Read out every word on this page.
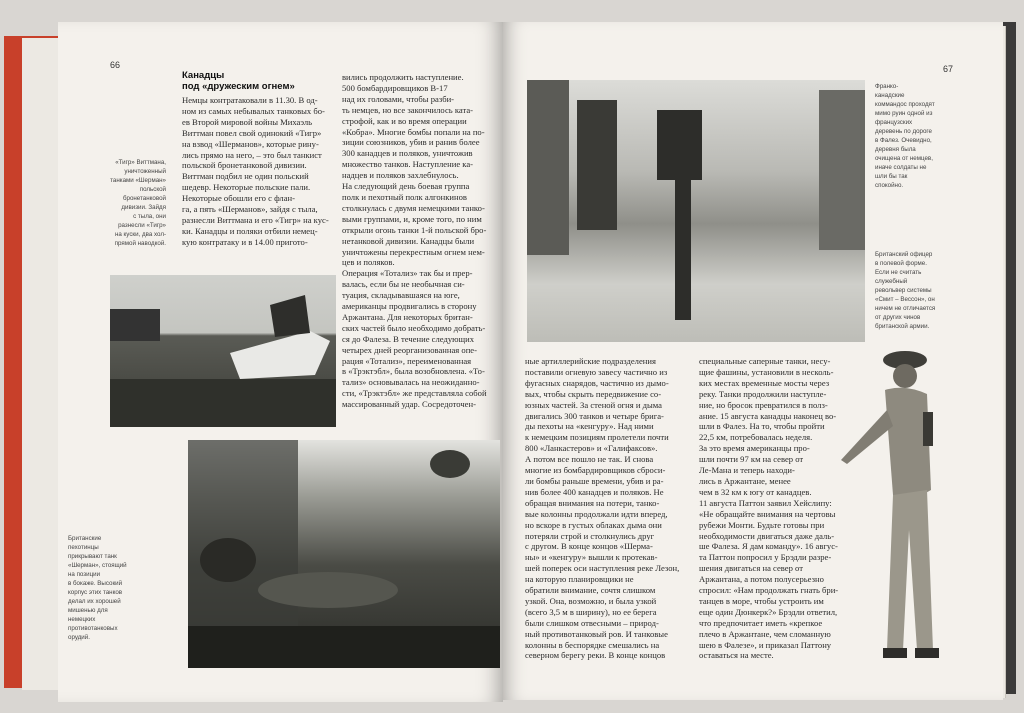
66
Канадцы
под «дружеским огнем»
«Тигр» Виттмана,
уничтоженный
танками «Шерман»
польской
бронетанковой
дивизии. Зайдя
с тыла, они
разнесли «Тигр»
на куски, два хол-
прямой наводкой.
Немцы контратаковали в 11.30. В од-
ном из самых небывалых танковых бо-
ев Второй мировой войны Михаэль
Виттман повел свой одинокий «Тигр»
на взвод «Шерманов», которые рину-
лись прямо на него, – это был танкист
польской бронетанковой дивизии.
Виттман подбил не один польский
шедевр. Некоторые польские пали.
Некоторые обошли его с флан-
га, а пять «Шерманов», зайдя с тыла,
разнесли Виттмана и его «Тигр» на кус-
ки. Канадцы и поляки отбили немец-
кую контратаку и в 14.00 пригото-
вились продолжить наступление.
500 бомбардировщиков B-17
над их головами, чтобы разби-
ть немцев, но все закончилось ката-
строфой, как и во время операции
«Кобра». Многие бомбы попали на по-
зиции союзников, убив и ранив более
300 канадцев и поляков, уничтожив
множество танков. Наступление ка-
надцев и поляков захлебнулось.
На следующий день боевая группа
полк и пехотный полк алгонкинов
столкнулась с двумя немецкими танко-
выми группами, и, кроме того, по ним
открыли огонь танки 1-й польской бро-
нетанковой дивизии. Канадцы были
уничтожены перекрестным огнем нем-
цев и поляков.
Операция «Тотализ» так бы и прер-
валась, если бы не необычная си-
туация, складывавшаяся на юге,
американцы продвигались в сторону
Аржантана. Для некоторых британ-
ских частей было необходимо добрать-
ся до Фалеза. В течение следующих
четырех дней реорганизованная опе-
рация «Тотализ», переименованная
в «Трэктэбл», была возобновлена. «То-
тализ» основывалась на неожиданно-
сти, «Трэктэбл» же представляла собой
массированный удар. Сосредоточен-
Британские
пехотинцы
прикрывают танк
«Шерман», стоящий
на позиции
в бокаже. Высокий
корпус этих танков
делал их хорошей
мишенью для
немецких
противотанковых
орудий.
67
Франко-
канадские
коммандос проходят
мимо руин одной из
французских
деревень по дороге
в Фалез. Очевидно,
деревня была
очищена от немцев,
иначе солдаты не
шли бы так
спокойно.
Британский офицер
в полевой форме.
Если не считать
служебный
револьвер системы
«Смит – Вессон», он
ничем не отличается
от других чинов
британской армии.
ные артиллерийские подразделения
поставили огневую завесу частично из
фугасных снарядов, частично из дымо-
вых, чтобы скрыть передвижение со-
юзных частей. За стеной огня и дыма
двигались 300 танков и четыре брига-
ды пехоты на «кенгуру». Над ними
к немецким позициям пролетели почти
800 «Ланкастеров» и «Галифаксов».
А потом все пошло не так. И снова
многие из бомбардировщиков сброси-
ли бомбы раньше времени, убив и ра-
нив более 400 канадцев и поляков. Не
обращая внимания на потери, танко-
вые колонны продолжали идти вперед,
но вскоре в густых облаках дыма они
потеряли строй и столкнулись друг
с другом. В конце концов «Шерма-
ны» и «кенгуру» вышли к протекав-
шей поперек оси наступления реке Лезон,
на которую планировщики не
обратили внимание, сочтя слишком
узкой. Она, возможно, и была узкой
(всего 3,5 м в ширину), но ее берега
были слишком отвесными – природ-
ный противотанковый ров. И танковые
колонны в беспорядке смешались на
северном берегу реки. В конце концов
специальные саперные танки, несу-
щие фашины, установили в несколь-
ких местах временные мосты через
реку. Танки продолжили наступле-
ние, но бросок превратился в полз-
ание. 15 августа канадцы наконец во-
шли в Фалез. На то, чтобы пройти
22,5 км, потребовалась неделя.
За это время американцы про-
шли почти 97 км на север от
Ле-Мана и теперь находи-
лись в Аржантане, менее
чем в 32 км к югу от канадцев.
11 августа Паттон заявил Хейслипу:
«Не обращайте внимания на чертовы
рубежи Монти. Будьте готовы при
необходимости двигаться даже даль-
ше Фалеза. Я дам команду». 16 авгус-
та Паттон попросил у Брэдли разре-
шения двигаться на север от
Аржантана, а потом полусерьезно
спросил: «Нам продолжать гнать бри-
танцев в море, чтобы устроить им
еще один Дюнкерк?» Брэдли ответил,
что предпочитает иметь «крепкое
плечо в Аржантане, чем сломанную
шею в Фалезе», и приказал Паттону
оставаться на месте.
